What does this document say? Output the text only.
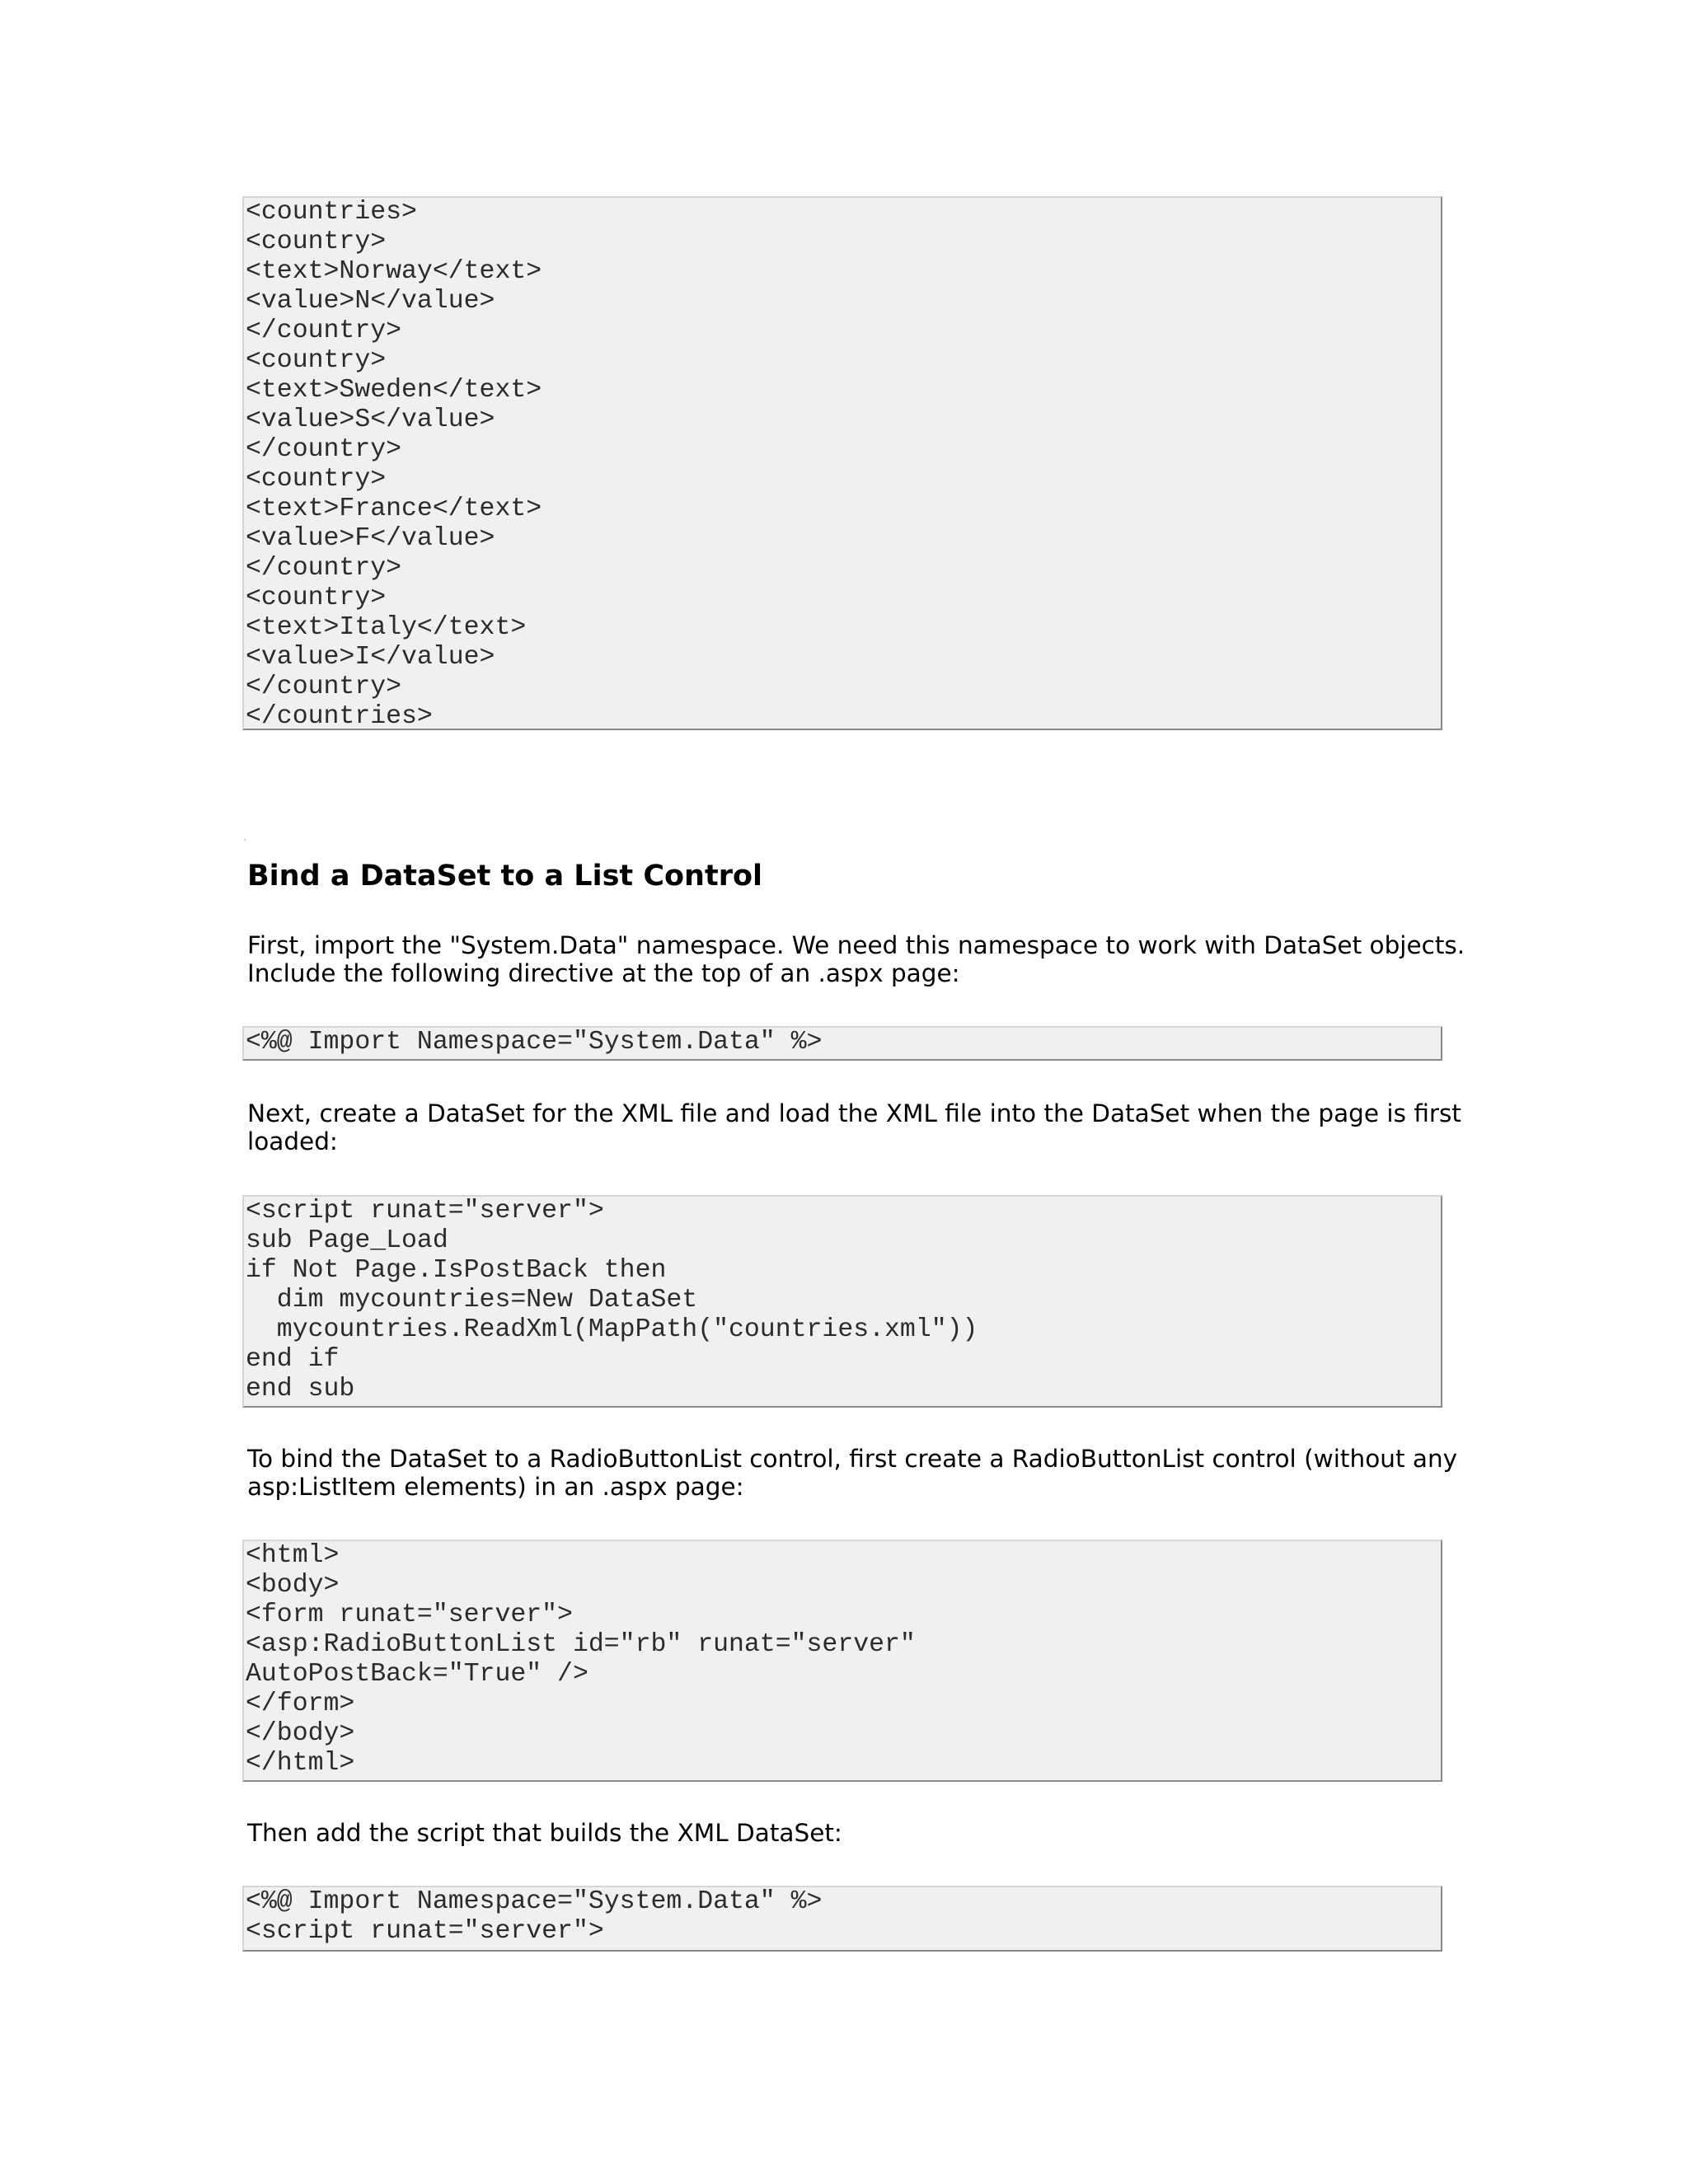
<countries>
<country>
<text>Norway</text>
<value>N</value>
</country>
<country>
<text>Sweden</text>
<value>S</value>
</country>
<country>
<text>France</text>
<value>F</value>
</country>
<country>
<text>Italy</text>
<value>I</value>
</country>
</countries>
Bind a DataSet to a List Control

First, import the "System.Data" namespace. We need this namespace to work with DataSet objects.
Include the following directive at the top of an .aspx page:

<%@ Import Namespace="System.Data" %>

Next, create a DataSet for the XML file and load the XML file into the DataSet when the page is first
loaded:

<script runat="server">
sub Page_Load
if Not Page.IsPostBack then
dim mycountries=New DataSet
mycountries.ReadXml(MapPath("countries.xml"))
end if
end sub

To bind the DataSet to a RadioButtonList control, first create a RadioButtonList control (without any
asp:ListItem elements) in an .aspx page:

<html>
<body>
<form runat="server">
<asp:RadioButtonList id="rb" runat="server"
AutoPostBack="True" />
</form>
</body>
</html>

Then add the script that builds the XML DataSet:

<%@ Import Namespace="System.Data" %>
<script runat="server">
